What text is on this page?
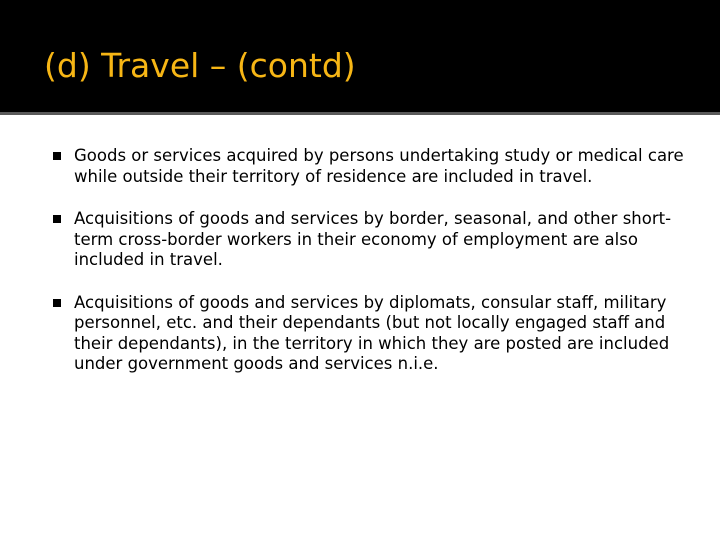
(d) Travel – (contd)
Goods or services acquired by persons undertaking study or medical care while outside their territory of residence are included in travel.
Acquisitions of goods and services by border, seasonal, and other short-term cross-border workers in their economy of employment are also included in travel.
Acquisitions of goods and services by diplomats, consular staff, military personnel, etc. and their dependants (but not locally engaged staff and their dependants), in the territory in which they are posted are included under government goods and services n.i.e.
